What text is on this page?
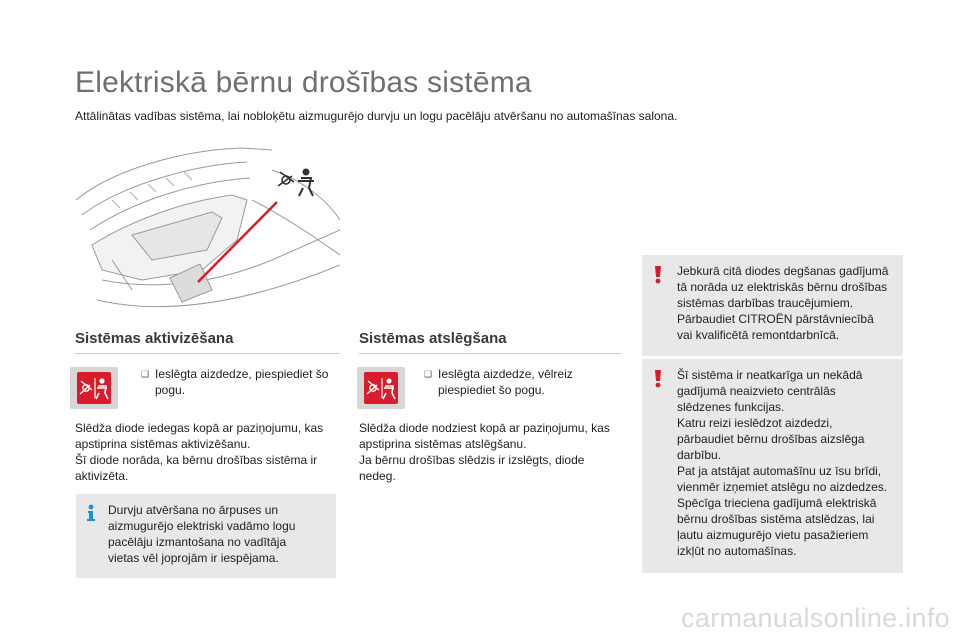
Elektriskā bērnu drošības sistēma
Attālinātas vadības sistēma, lai nobloķētu aizmugurējo durvju un logu pacēlāju atvēršanu no automašīnas salona.
Sistēmas aktivizēšana	Sistēmas atslēgšana
❑ Ieslēgta aizdedze, piespiediet šo
pogu.
Slēdža diode iedegas kopā ar paziņojumu, kas
apstiprina sistēmas aktivizēšanu.
Šī diode norāda, ka bērnu drošības sistēma ir
aktivizēta.
Durvju atvēršana no ārpuses un
aizmugurējo elektriski vadāmo logu
pacēlāju izmantošana no vadītāja
vietas vēl joprojām ir iespējama.
❑ Ieslēgta aizdedze, vēlreiz
piespiediet šo pogu.
Slēdža diode nodziest kopā ar paziņojumu, kas
apstiprina sistēmas atslēgšanu.
Ja bērnu drošības slēdzis ir izslēgts, diode
nedeg.
Jebkurā citā diodes degšanas gadījumā
tā norāda uz elektriskās bērnu drošības
sistēmas darbības traucējumiem.
Pārbaudiet CITROËN pārstāvniecībā
vai kvalificētā remontdarbnīcā.
Šī sistēma ir neatkarīga un nekādā
gadījumā neaizvieto centrālās
slēdzenes funkcijas.
Katru reizi ieslēdzot aizdedzi,
pārbaudiet bērnu drošības aizslēga
darbību.
Pat ja atstājat automašīnu uz īsu brīdi,
vienmēr izņemiet atslēgu no aizdedzes.
Spēcīga trieciena gadījumā elektriskā
bērnu drošības sistēma atslēdzas, lai
ļautu aizmugurējo vietu pasažieriem
izkļūt no automašīnas.
carmanualsonline.info
